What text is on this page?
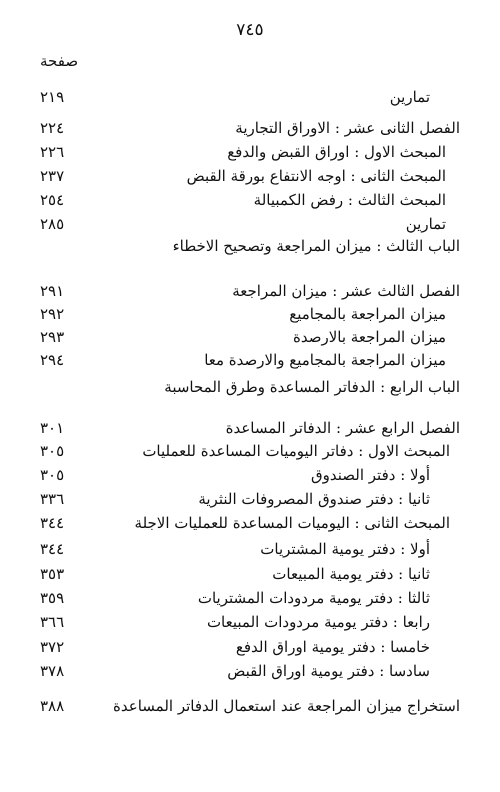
٧٤٥
صفحة
الباب الثالث : ميزان المراجعة وتصحيح الاخطاء
الباب الرابع : الدفاتر المساعدة وطرق المحاسبة
٢١٩	تمارين
٢٢٤	الفصل الثانى عشر : الاوراق التجارية
٢٢٦	المبحث الاول : اوراق القبض والدفع
٢٣٧	المبحث الثانى : اوجه الانتفاع بورقة القبض
٢٥٤	المبحث الثالث : رفض الكمبيالة
٢٨٥	تمارين
٢٩١	الفصل الثالث عشر : ميزان المراجعة
٢٩٢	ميزان المراجعة بالمجاميع
٢٩٣	ميزان المراجعة بالارصدة
٢٩٤	ميزان المراجعة بالمجاميع والارصدة معا
٣٠١	الفصل الرابع عشر : الدفاتر المساعدة
٣٠٥	المبحث الاول : دفاتر اليوميات المساعدة للعمليات
٣٠٥	أولا : دفتر الصندوق
٣٣٦	ثانيا : دفتر صندوق المصروفات النثرية
٣٤٤	المبحث الثانى : اليوميات المساعدة للعمليات الاجلة
٣٤٤	أولا : دفتر يومية المشتريات
٣٥٣	ثانيا : دفتر يومية المبيعات
٣٥٩	ثالثا : دفتر يومية مردودات المشتريات
٣٦٦	رابعا : دفتر يومية مردودات المبيعات
٣٧٢	خامسا : دفتر يومية اوراق الدفع
٣٧٨	سادسا : دفتر يومية اوراق القبض
٣٨٨	استخراج ميزان المراجعة عند استعمال الدفاتر المساعدة
